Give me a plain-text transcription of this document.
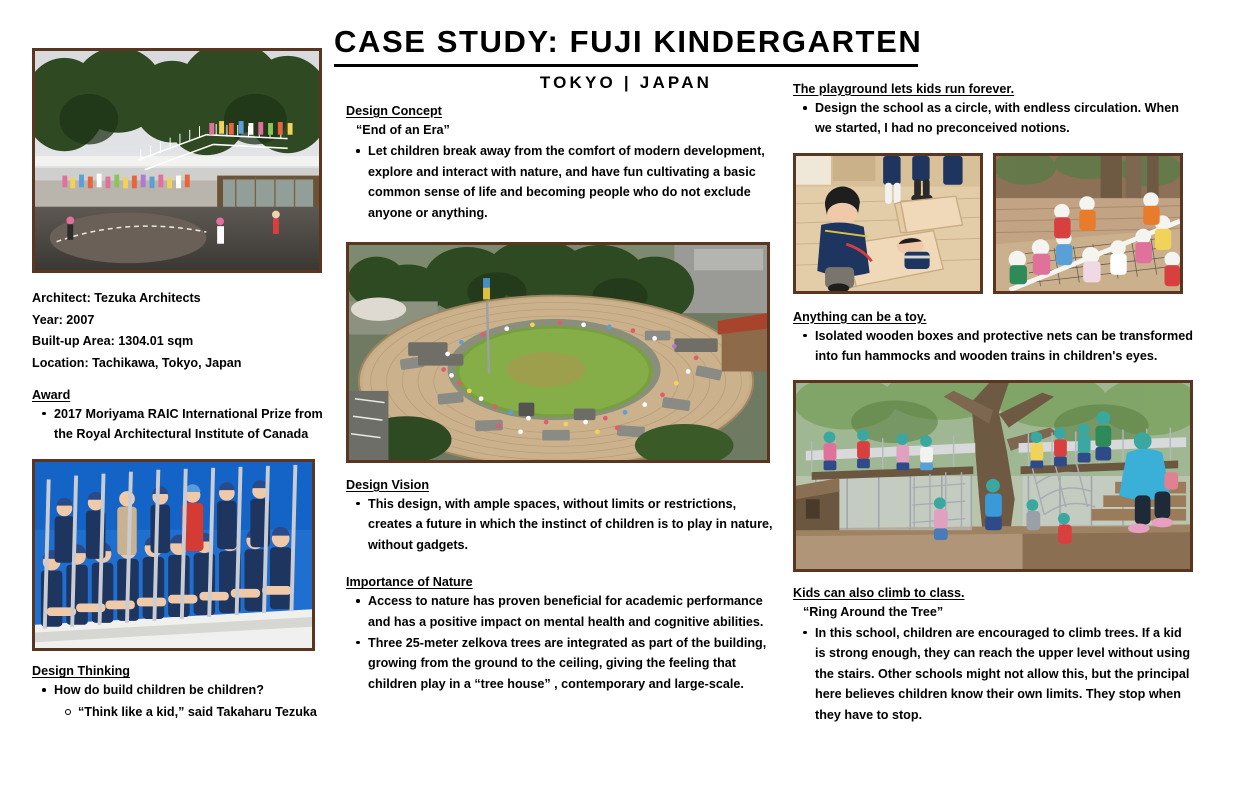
CASE STUDY: FUJI KINDERGARTEN
TOKYO | JAPAN
Architect: Tezuka Architects
Year: 2007
Built-up Area: 1304.01 sqm
Location: Tachikawa, Tokyo, Japan
Award
2017 Moriyama RAIC International Prize from the Royal Architectural Institute of Canada
Design Thinking
How do build children be children?
“Think like a kid,” said Takaharu Tezuka
Design Concept
“End of an Era”
Let children break away from the comfort of modern development, explore and interact with nature, and have fun cultivating a basic common sense of life and becoming people who do not exclude anyone or anything.
Design Vision
This design, with ample spaces, without limits or restrictions, creates a future in which the instinct of children is to play in nature, without gadgets.
Importance of Nature
Access to nature has proven beneficial for academic performance and has a positive impact on mental health and cognitive abilities.
Three 25-meter zelkova trees are integrated as part of the building, growing from the ground to the ceiling, giving the feeling that children play in a “tree house” , contemporary and large-scale.
The playground lets kids run forever.
Design the school as a circle, with endless circulation. When we started, I had no preconceived notions.
Anything can be a toy.
Isolated wooden boxes and protective nets can be transformed into fun hammocks and wooden trains in children's eyes.
Kids can also climb to class.
“Ring Around the Tree”
In this school, children are encouraged to climb trees. If a kid is strong enough, they can reach the upper level without using the stairs. Other schools might not allow this, but the principal here believes children know their own limits. They stop when they have to stop.
